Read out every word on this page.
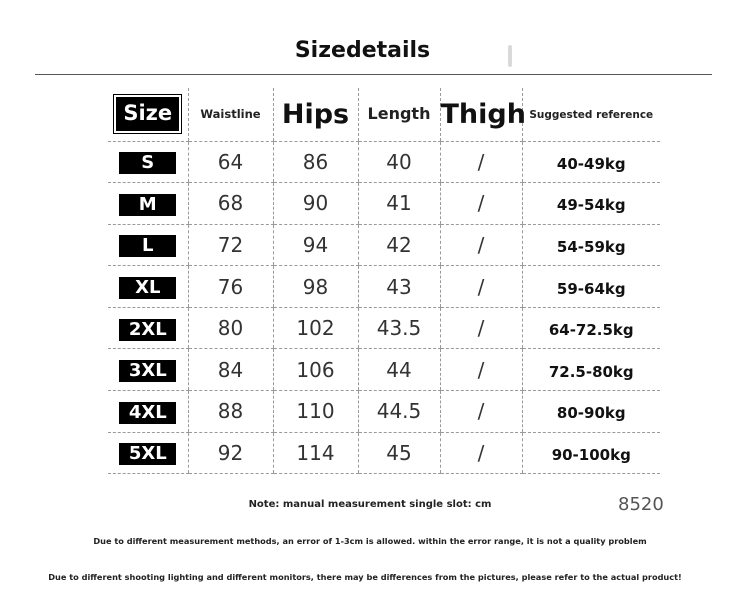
Sizedetails
Size	Waistline	Hips	Length	Thigh	Suggested reference
S	64	86	40	/	40-49kg
M	68	90	41	/	49-54kg
L	72	94	42	/	54-59kg
XL	76	98	43	/	59-64kg
2XL	80	102	43.5	/	64-72.5kg
3XL	84	106	44	/	72.5-80kg
4XL	88	110	44.5	/	80-90kg
5XL	92	114	45	/	90-100kg
Note: manual measurement single slot: cm	8520
Due to different measurement methods, an error of 1-3cm is allowed. within the error range, it is not a quality problem
Due to different shooting lighting and different monitors, there may be differences from the pictures, please refer to the actual product!
